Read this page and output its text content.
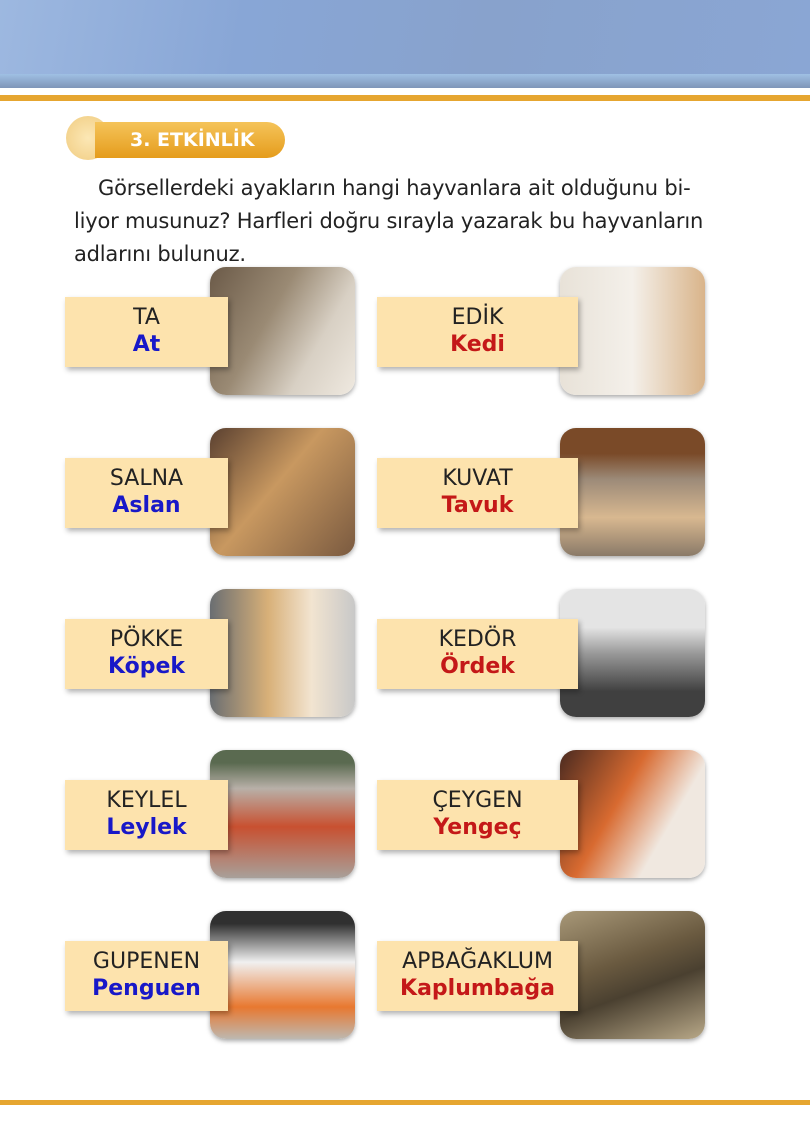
3. ETKİNLİK
Görsellerdeki ayakların hangi hayvanlara ait olduğunu bi-liyor musunuz? Harfleri doğru sırayla yazarak bu hayvanların adlarını bulunuz.
TA
At
EDİK
Kedi
SALNA
Aslan
KUVAT
Tavuk
PÖKKE
Köpek
KEDÖR
Ördek
KEYLEL
Leylek
ÇEYGEN
Yengeç
GUPENEN
Penguen
APBAĞAKLUM
Kaplumbağa
